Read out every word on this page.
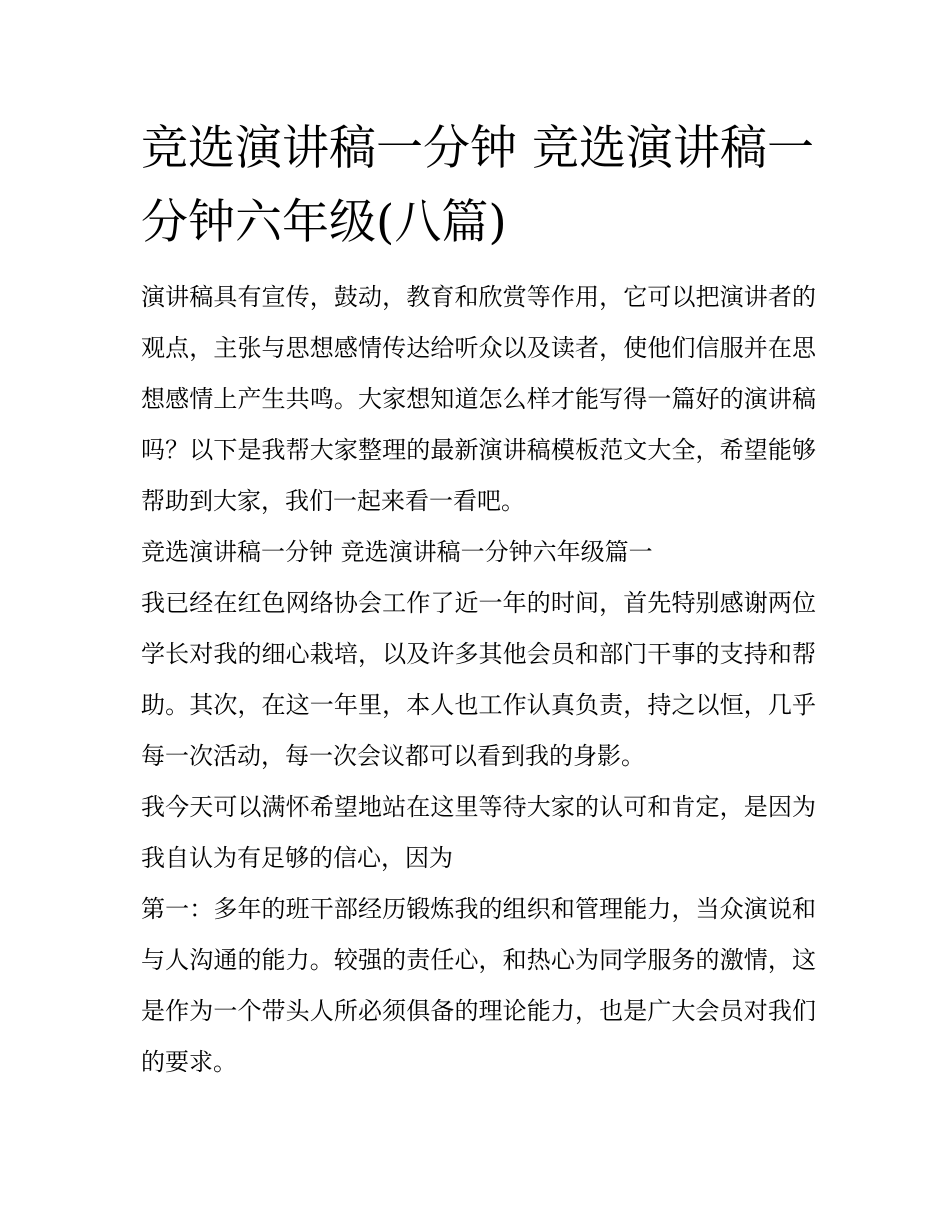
竞选演讲稿一分钟 竞选演讲稿一分钟六年级(八篇)

演讲稿具有宣传，鼓动，教育和欣赏等作用，它可以把演讲者的观点，主张与思想感情传达给听众以及读者，使他们信服并在思想感情上产生共鸣。大家想知道怎么样才能写得一篇好的演讲稿吗？以下是我帮大家整理的最新演讲稿模板范文大全，希望能够帮助到大家，我们一起来看一看吧。

竞选演讲稿一分钟 竞选演讲稿一分钟六年级篇一

我已经在红色网络协会工作了近一年的时间，首先特别感谢两位学长对我的细心栽培，以及许多其他会员和部门干事的支持和帮助。其次，在这一年里，本人也工作认真负责，持之以恒，几乎每一次活动，每一次会议都可以看到我的身影。

我今天可以满怀希望地站在这里等待大家的认可和肯定，是因为我自认为有足够的信心，因为

第一：多年的班干部经历锻炼我的组织和管理能力，当众演说和与人沟通的能力。较强的责任心，和热心为同学服务的激情，这是作为一个带头人所必须俱备的理论能力，也是广大会员对我们的要求。
